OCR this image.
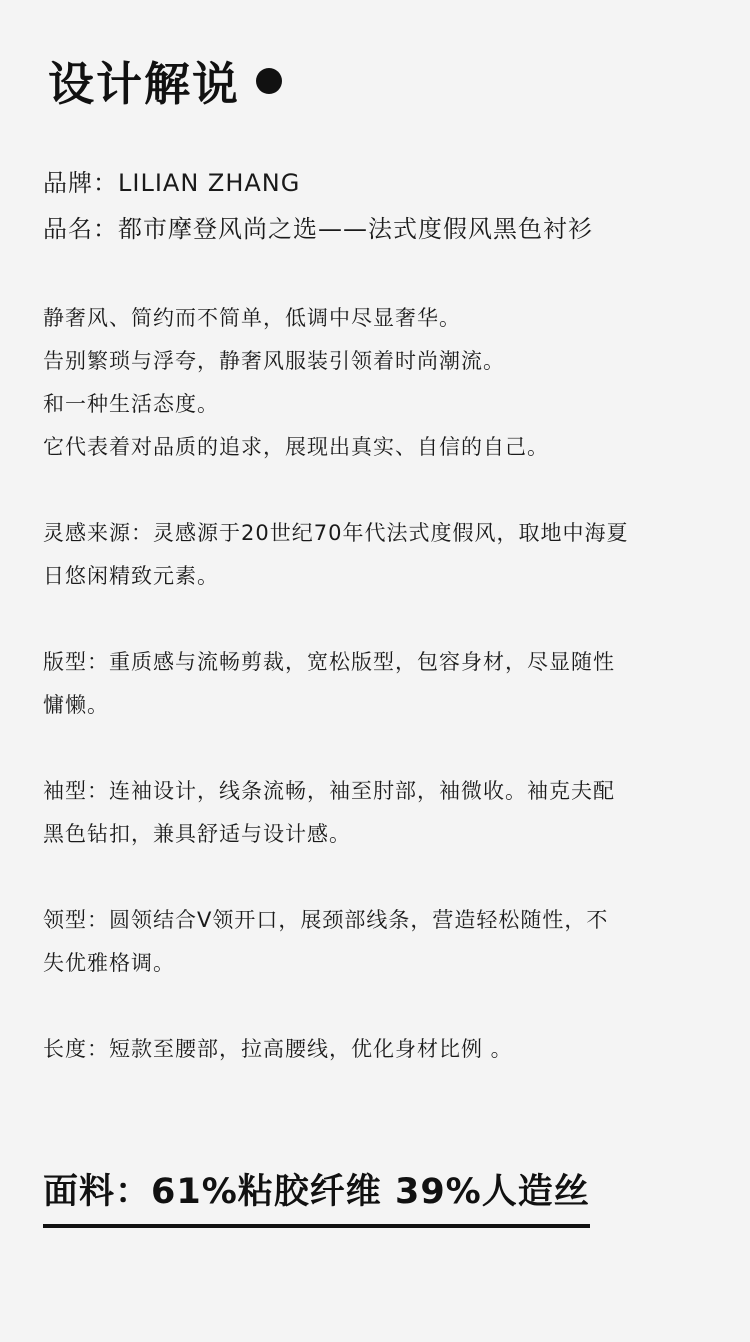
设计解说
品牌：LILIAN ZHANG
品名：都市摩登风尚之选——法式度假风黑色衬衫
静奢风、简约而不简单，低调中尽显奢华。
告别繁琐与浮夸，静奢风服装引领着时尚潮流。
和一种生活态度。
它代表着对品质的追求，展现出真实、自信的自己。
灵感来源：灵感源于20世纪70年代法式度假风，取地中海夏
日悠闲精致元素。
版型：重质感与流畅剪裁，宽松版型，包容身材，尽显随性
慵懒。
袖型：连袖设计，线条流畅，袖至肘部，袖微收。袖克夫配
黑色钻扣，兼具舒适与设计感。
领型：圆领结合V领开口，展颈部线条，营造轻松随性，不
失优雅格调。
长度：短款至腰部，拉高腰线，优化身材比例 。
面料：61%粘胶纤维 39%人造丝
